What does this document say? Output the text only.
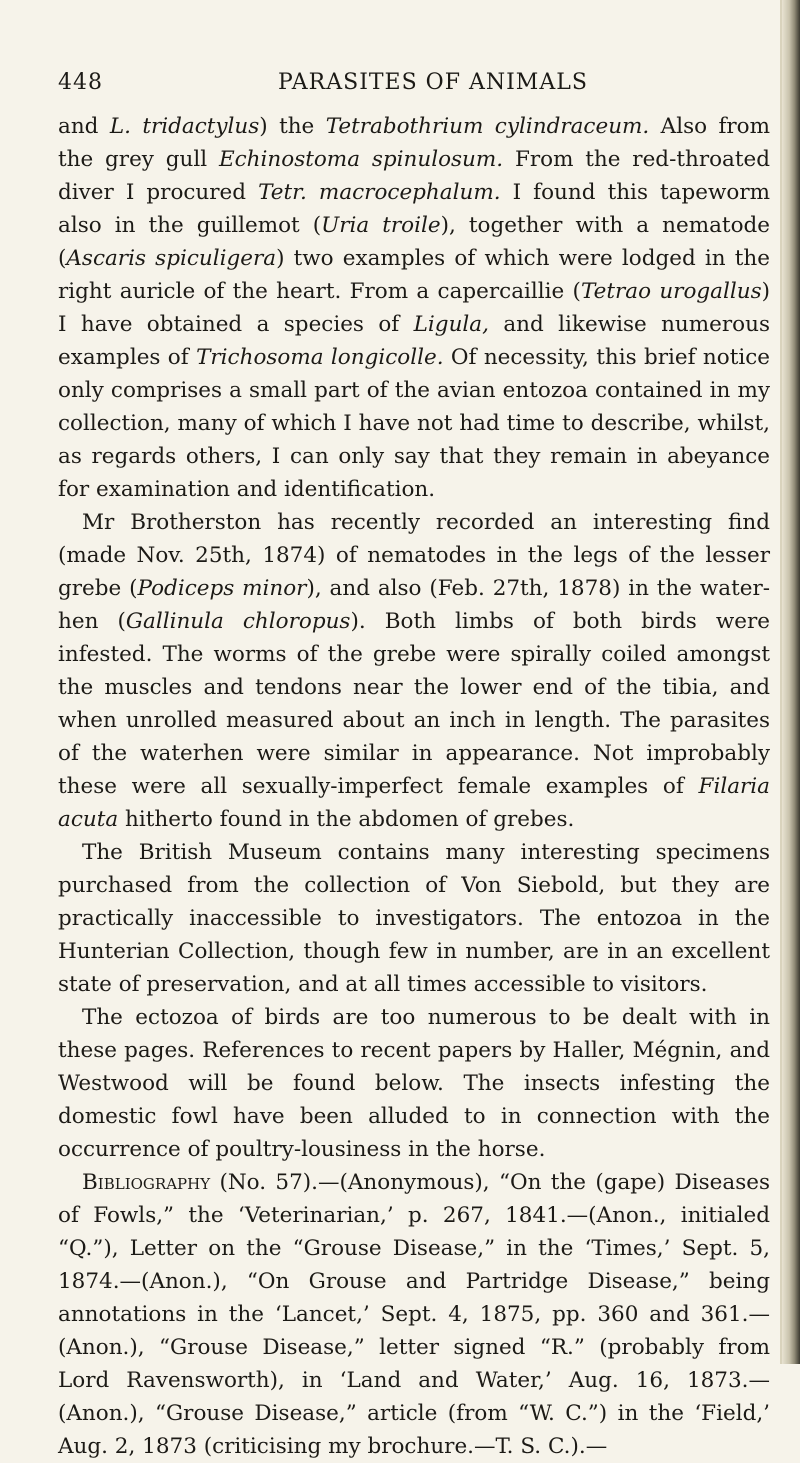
448	PARASITES OF ANIMALS

and L. tridactylus) the Tetrabothrium cylindraceum. Also from the grey gull Echinostoma spinulosum. From the red-throated diver I procured Tetr. macrocephalum. I found this tapeworm also in the guillemot (Uria troile), together with a nematode (Ascaris spiculigera) two examples of which were lodged in the right auricle of the heart. From a capercaillie (Tetrao urogallus) I have obtained a species of Ligula, and likewise numerous examples of Trichosoma longicolle. Of necessity, this brief notice only comprises a small part of the avian entozoa contained in my collection, many of which I have not had time to describe, whilst, as regards others, I can only say that they remain in abeyance for examination and identification.

Mr Brotherston has recently recorded an interesting find (made Nov. 25th, 1874) of nematodes in the legs of the lesser grebe (Podiceps minor), and also (Feb. 27th, 1878) in the water-hen (Gallinula chloropus). Both limbs of both birds were infested. The worms of the grebe were spirally coiled amongst the muscles and tendons near the lower end of the tibia, and when unrolled measured about an inch in length. The parasites of the waterhen were similar in appearance. Not improbably these were all sexually-imperfect female examples of Filaria acuta hitherto found in the abdomen of grebes.

The British Museum contains many interesting specimens purchased from the collection of Von Siebold, but they are practically inaccessible to investigators. The entozoa in the Hunterian Collection, though few in number, are in an excellent state of preservation, and at all times accessible to visitors.

The ectozoa of birds are too numerous to be dealt with in these pages. References to recent papers by Haller, Mégnin, and Westwood will be found below. The insects infesting the domestic fowl have been alluded to in connection with the occurrence of poultry-lousiness in the horse.

Bibliography (No. 57).—(Anonymous), “On the (gape) Diseases of Fowls,” the ‘Veterinarian,’ p. 267, 1841.—(Anon., initialed “Q.”), Letter on the “Grouse Disease,” in the ‘Times,’ Sept. 5, 1874.—(Anon.), “On Grouse and Partridge Disease,” being annotations in the ‘Lancet,’ Sept. 4, 1875, pp. 360 and 361.—(Anon.), “Grouse Disease,” letter signed “R.” (probably from Lord Ravensworth), in ‘Land and Water,’ Aug. 16, 1873.—(Anon.), “Grouse Disease,” article (from “W. C.”) in the ‘Field,’ Aug. 2, 1873 (criticising my brochure.—T. S. C.).—
